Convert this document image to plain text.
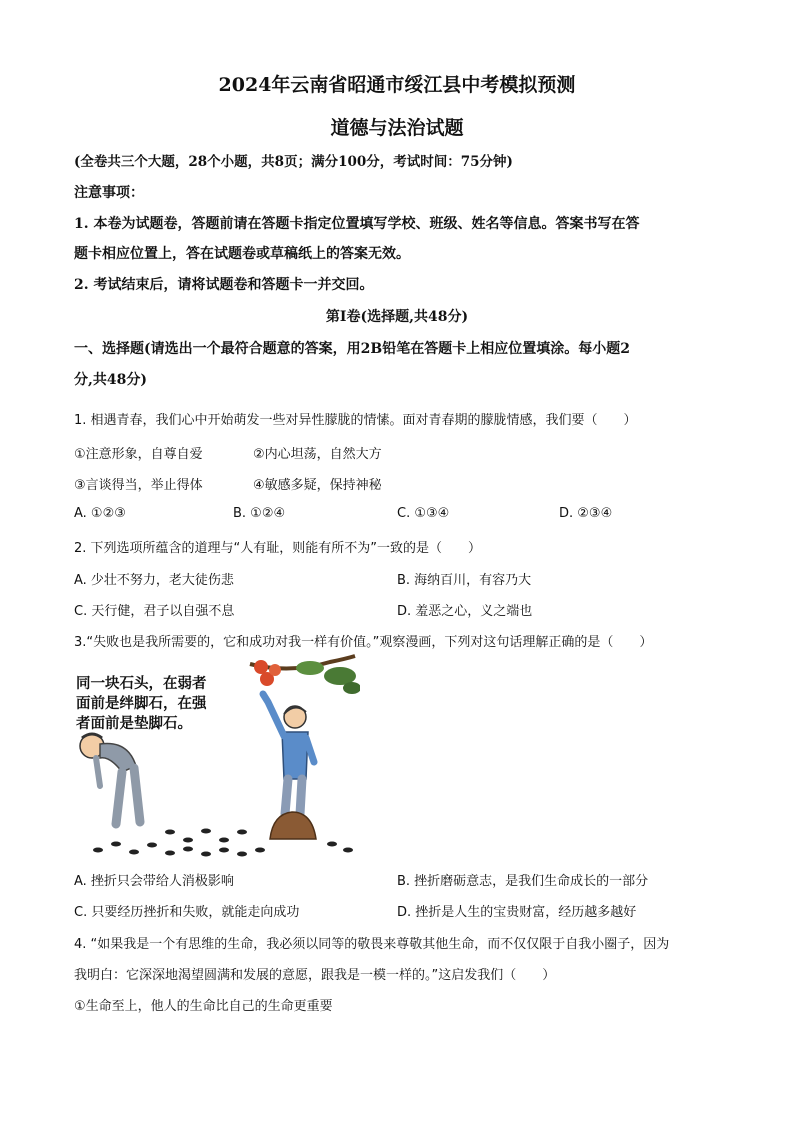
2024年云南省昭通市绥江县中考模拟预测
道德与法治试题
(全卷共三个大题，28个小题，共8页；满分100分，考试时间：75分钟)
注意事项：
1. 本卷为试题卷，答题前请在答题卡指定位置填写学校、班级、姓名等信息。答案书写在答
题卡相应位置上，答在试题卷或草稿纸上的答案无效。
2. 考试结束后，请将试题卷和答题卡一并交回。
第Ⅰ卷(选择题,共48分)
一、选择题(请选出一个最符合题意的答案，用2B铅笔在答题卡上相应位置填涂。每小题2
分,共48分)
1. 相遇青春，我们心中开始萌发一些对异性朦胧的情愫。面对青春期的朦胧情感，我们要（　　）
①注意形象，自尊自爱	②内心坦荡，自然大方
③言谈得当，举止得体	④敏感多疑，保持神秘
A. ①②③	B. ①②④	C. ①③④	D. ②③④
2. 下列选项所蕴含的道理与“人有耻，则能有所不为”一致的是（　　）
A. 少壮不努力，老大徒伤悲	B. 海纳百川，有容乃大
C. 天行健，君子以自强不息	D. 羞恶之心，义之端也
3.“失败也是我所需要的，它和成功对我一样有价值。”观察漫画，下列对这句话理解正确的是（　　）
同一块石头，在弱者
面前是绊脚石，在强
者面前是垫脚石。
A. 挫折只会带给人消极影响	B. 挫折磨砺意志，是我们生命成长的一部分
C. 只要经历挫折和失败，就能走向成功	D. 挫折是人生的宝贵财富，经历越多越好
4. “如果我是一个有思维的生命，我必须以同等的敬畏来尊敬其他生命，而不仅仅限于自我小圈子，因为
我明白：它深深地渴望圆满和发展的意愿，跟我是一模一样的。”这启发我们（　　）
①生命至上，他人的生命比自己的生命更重要
